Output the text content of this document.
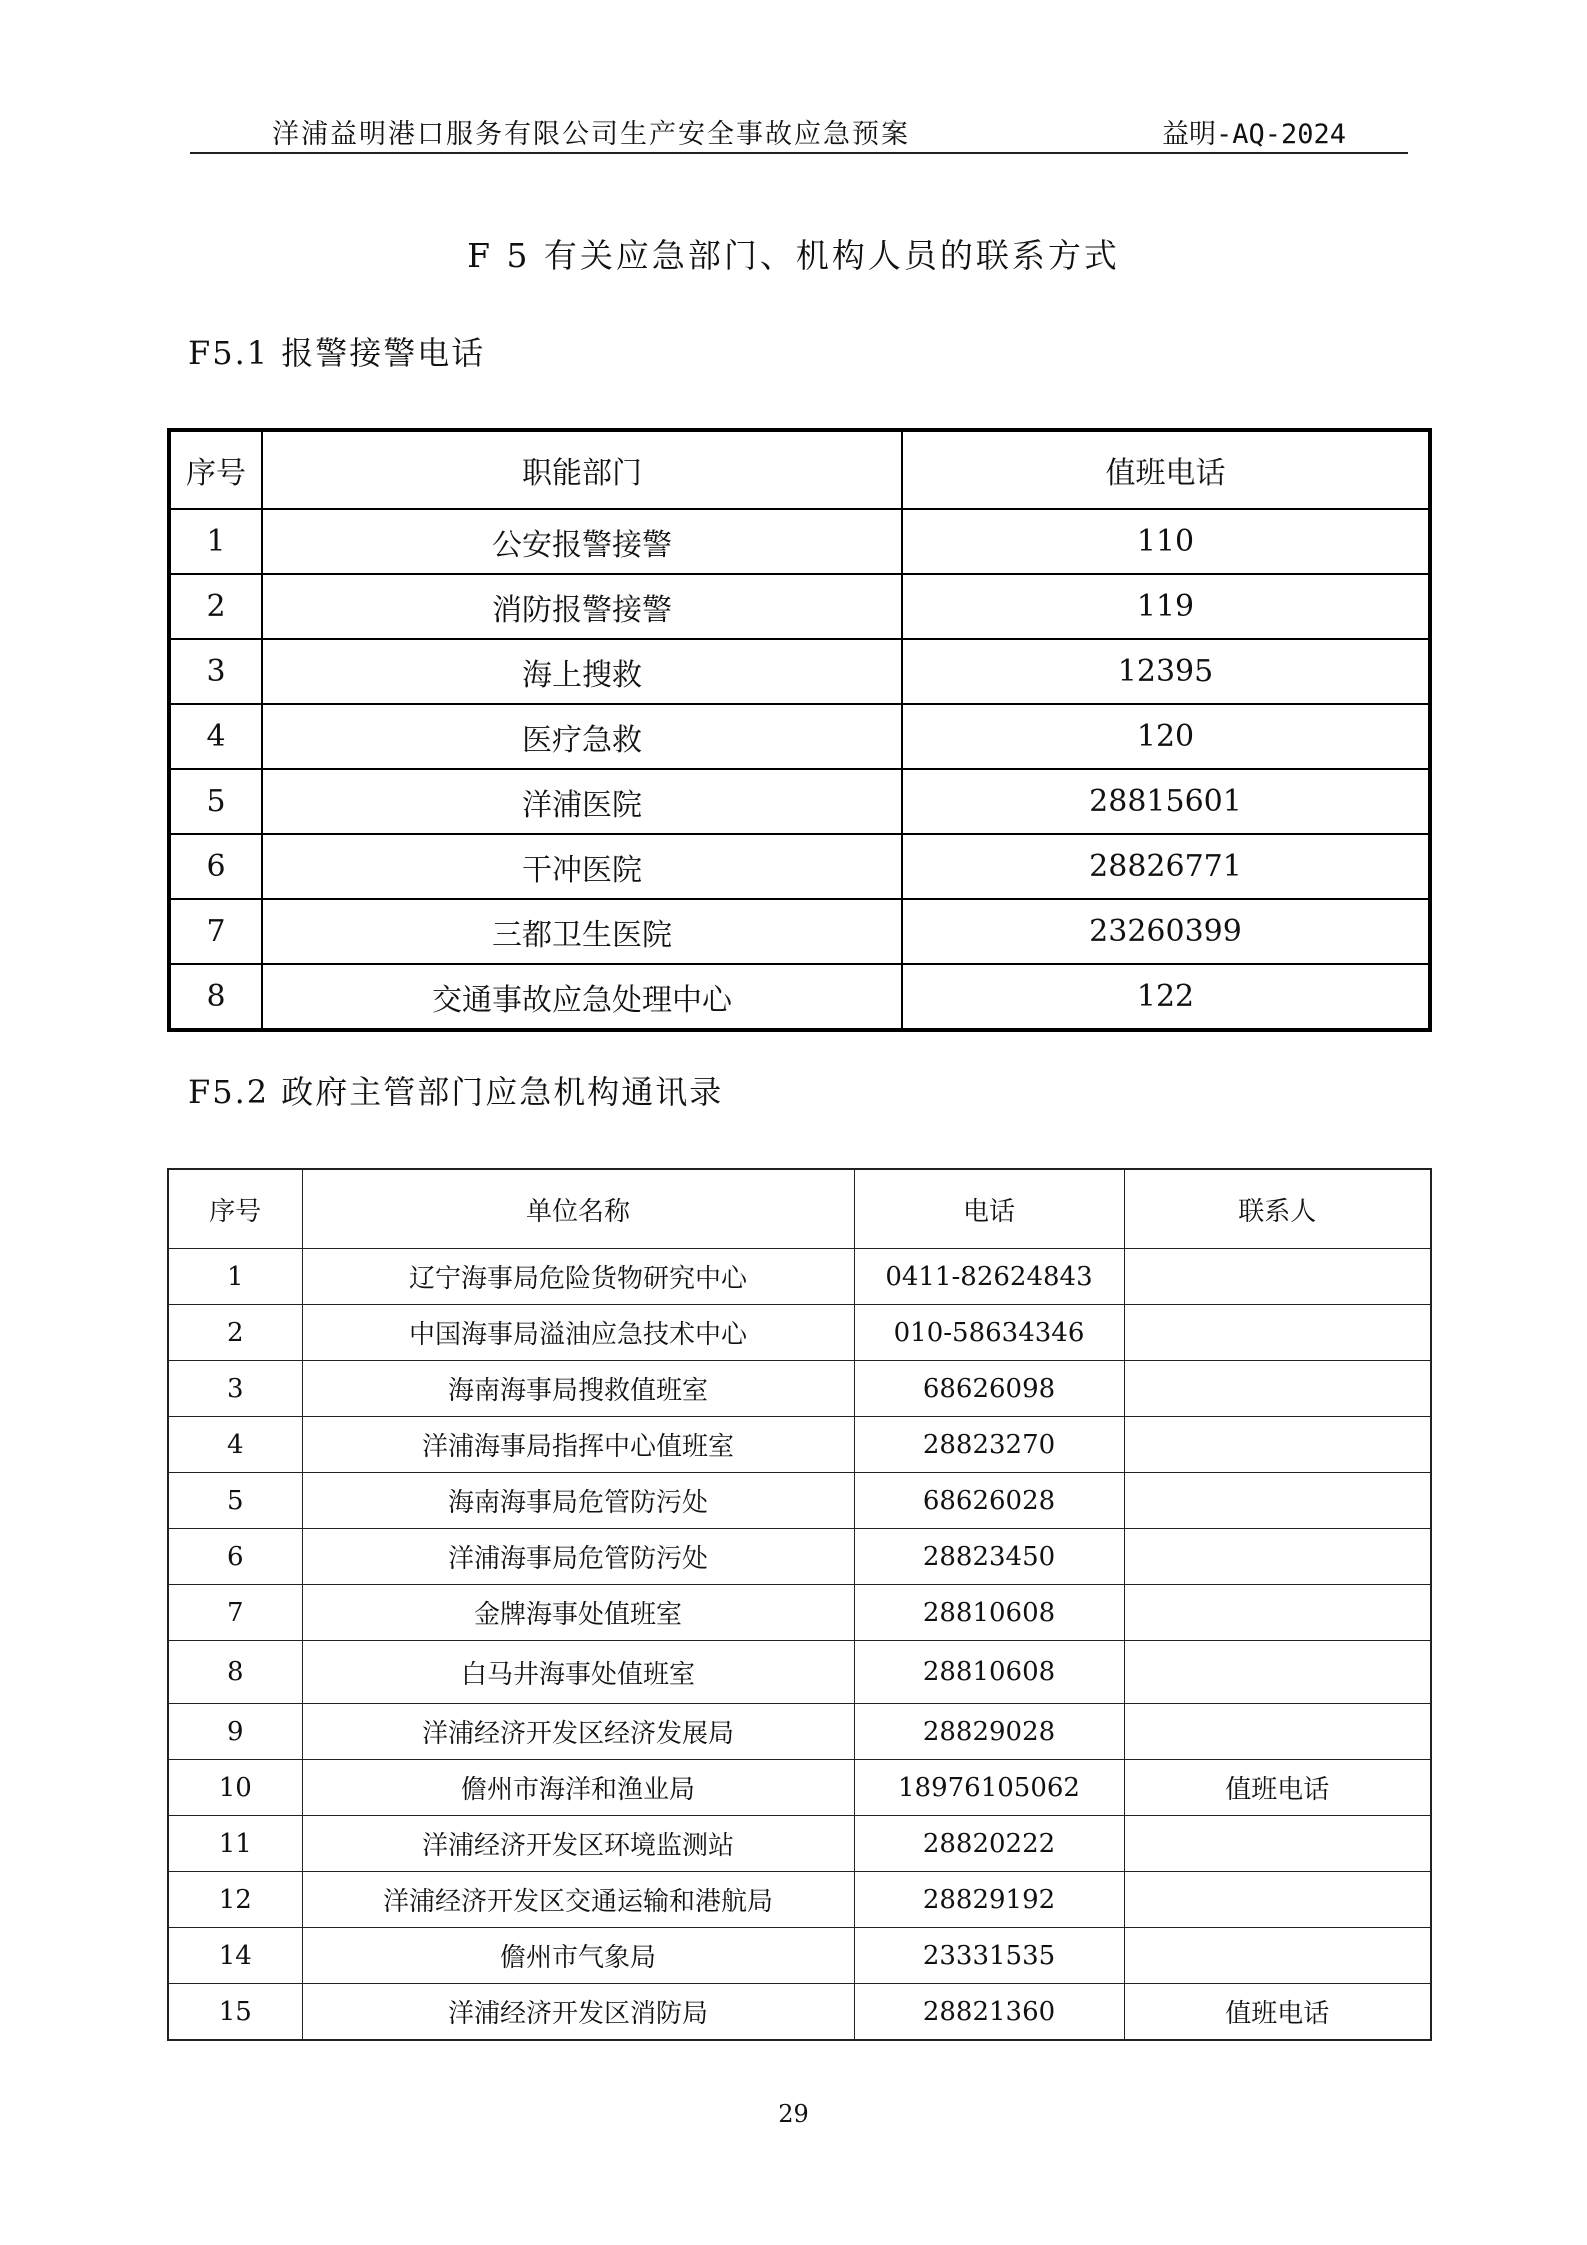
洋浦益明港口服务有限公司生产安全事故应急预案	益明-AQ-2024
F 5 有关应急部门、机构人员的联系方式
F5.1 报警接警电话
序号	职能部门	值班电话
1	公安报警接警	110
2	消防报警接警	119
3	海上搜救	12395
4	医疗急救	120
5	洋浦医院	28815601
6	干冲医院	28826771
7	三都卫生医院	23260399
8	交通事故应急处理中心	122
F5.2 政府主管部门应急机构通讯录
序号	单位名称	电话	联系人
1	辽宁海事局危险货物研究中心	0411-82624843	
2	中国海事局溢油应急技术中心	010-58634346	
3	海南海事局搜救值班室	68626098	
4	洋浦海事局指挥中心值班室	28823270	
5	海南海事局危管防污处	68626028	
6	洋浦海事局危管防污处	28823450	
7	金牌海事处值班室	28810608	
8	白马井海事处值班室	28810608	
9	洋浦经济开发区经济发展局	28829028	
10	儋州市海洋和渔业局	18976105062	值班电话
11	洋浦经济开发区环境监测站	28820222	
12	洋浦经济开发区交通运输和港航局	28829192	
14	儋州市气象局	23331535	
15	洋浦经济开发区消防局	28821360	值班电话
29
